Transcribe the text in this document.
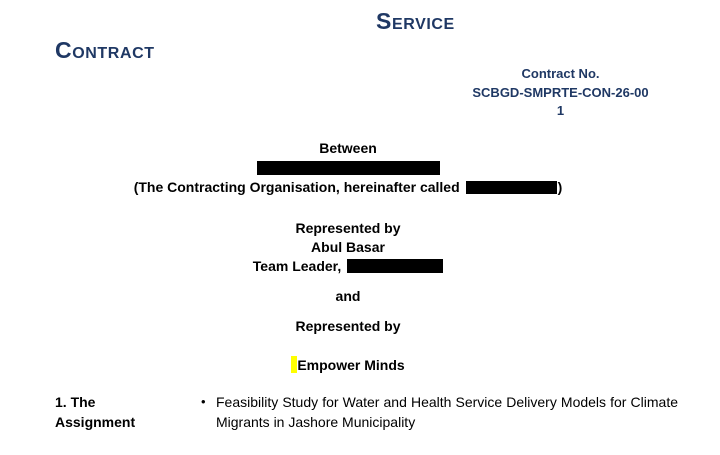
SERVICE
CONTRACT
Contract No.
SCBGD-SMPRTE-CON-26-00
1
Between
(The Contracting Organisation, hereinafter called	)
Represented by
Abul Basar
Team Leader,
and
Represented by
Empower Minds
1. The Assignment
• Feasibility Study for Water and Health Service Delivery Models for Climate Migrants in Jashore Municipality
